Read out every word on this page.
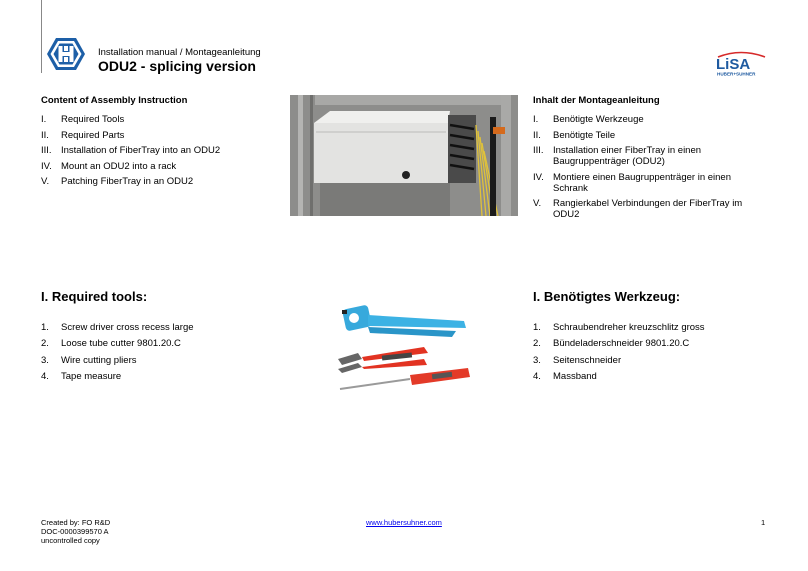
Installation manual / Montageanleitung
ODU2 - splicing version	LiSA
HUBER+SUHNER
Content of Assembly Instruction
I.	Required Tools
II.	Required Parts
III. Installation of FiberTray into an ODU2
IV. Mount an ODU2 into a rack
V.	Patching FiberTray in an ODU2
Inhalt der Montageanleitung
I.	Benötigte Werkzeuge
II.	Benötigte Teile
III. Installation einer FiberTray in einen Baugruppenträger (ODU2)
IV. Montiere einen Baugruppenträger in einen Schrank
V.	Rangierkabel Verbindungen der FiberTray im ODU2
I. Required tools:
1.	Screw driver cross recess large
2.	Loose tube cutter 9801.20.C
3.	Wire cutting pliers
4.	Tape measure
I. Benötigtes Werkzeug:
1.	Schraubendreher kreuzschlitz gross
2.	Bündeladerschneider 9801.20.C
3.	Seitenschneider
4.	Massband
Created by: FO R&D
DOC-0000399570 A
uncontrolled copy
www.hubersuhner.com	1
